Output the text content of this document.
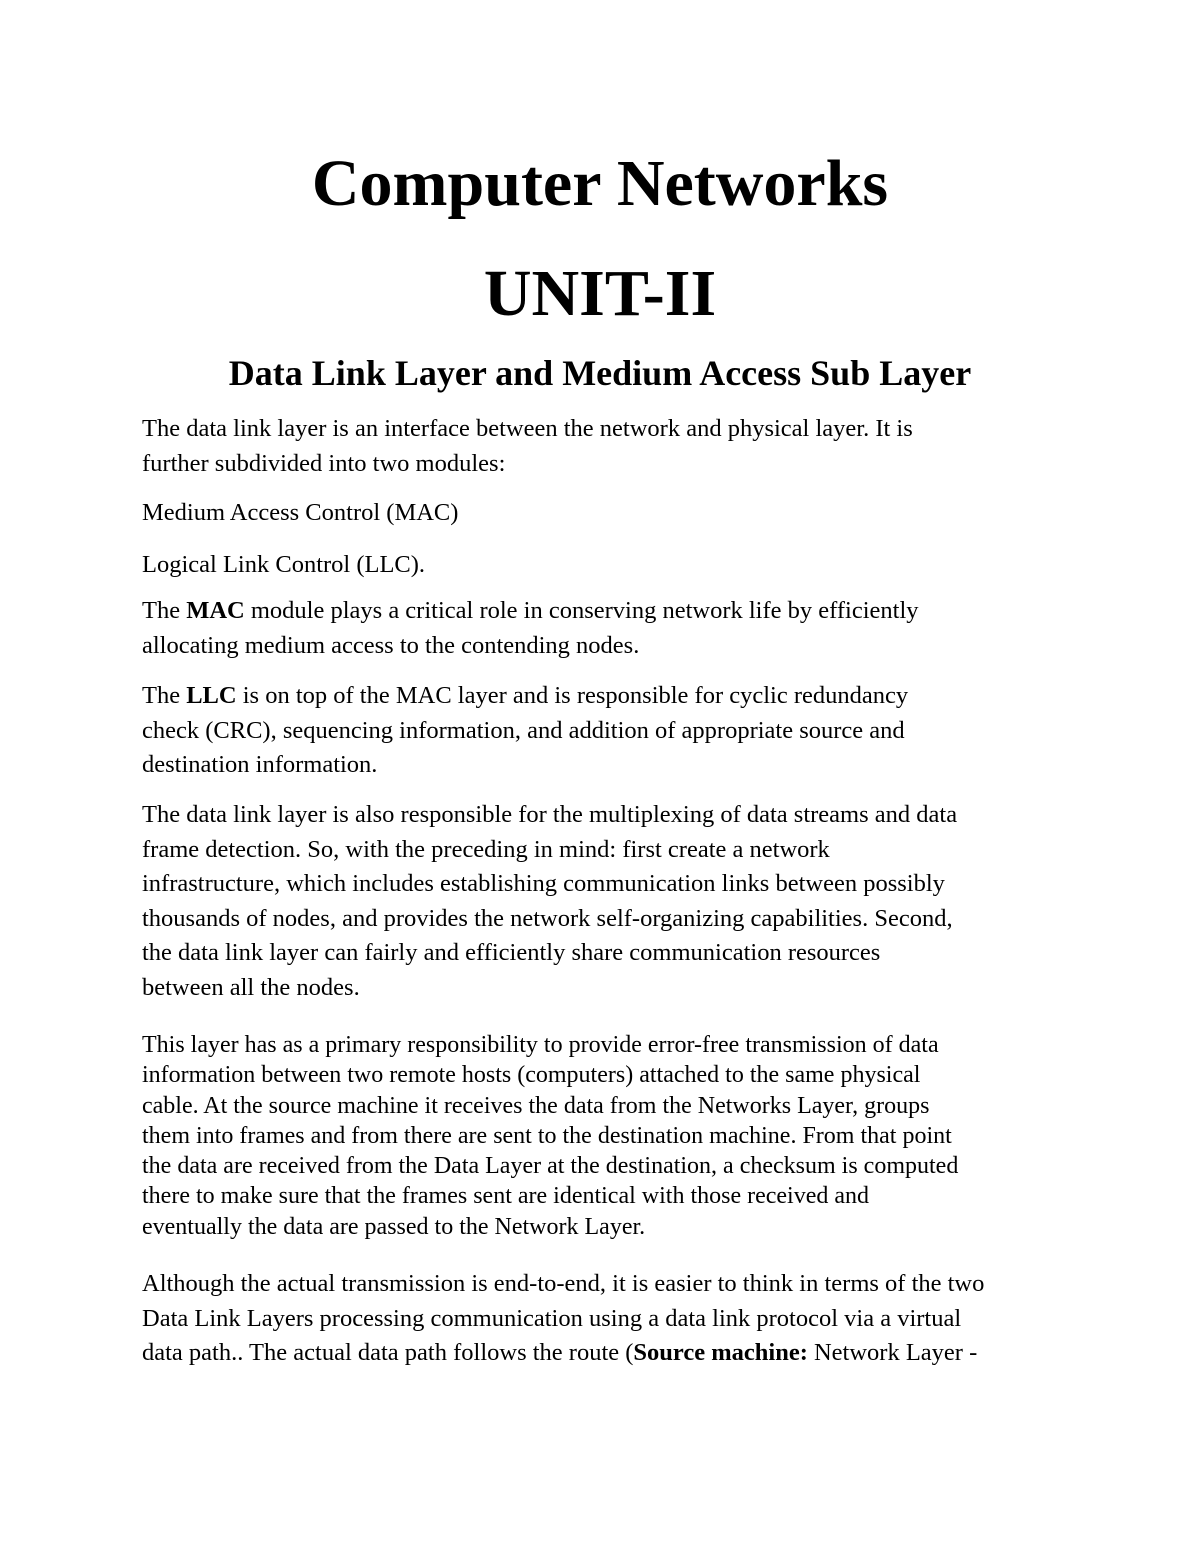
Computer Networks
UNIT-II
Data Link Layer and Medium Access Sub Layer

The data link layer is an interface between the network and physical layer. It is
further subdivided into two modules:

Medium Access Control (MAC)

Logical Link Control (LLC).

The MAC module plays a critical role in conserving network life by efficiently
allocating medium access to the contending nodes.

The LLC is on top of the MAC layer and is responsible for cyclic redundancy
check (CRC), sequencing information, and addition of appropriate source and
destination information.

The data link layer is also responsible for the multiplexing of data streams and data
frame detection. So, with the preceding in mind: first create a network
infrastructure, which includes establishing communication links between possibly
thousands of nodes, and provides the network self-organizing capabilities. Second,
the data link layer can fairly and efficiently share communication resources
between all the nodes.

This layer has as a primary responsibility to provide error-free transmission of data
information between two remote hosts (computers) attached to the same physical
cable. At the source machine it receives the data from the Networks Layer, groups
them into frames and from there are sent to the destination machine. From that point
the data are received from the Data Layer at the destination, a checksum is computed
there to make sure that the frames sent are identical with those received and
eventually the data are passed to the Network Layer.

Although the actual transmission is end-to-end, it is easier to think in terms of the two
Data Link Layers processing communication using a data link protocol via a virtual
data path.. The actual data path follows the route (Source machine: Network Layer -
